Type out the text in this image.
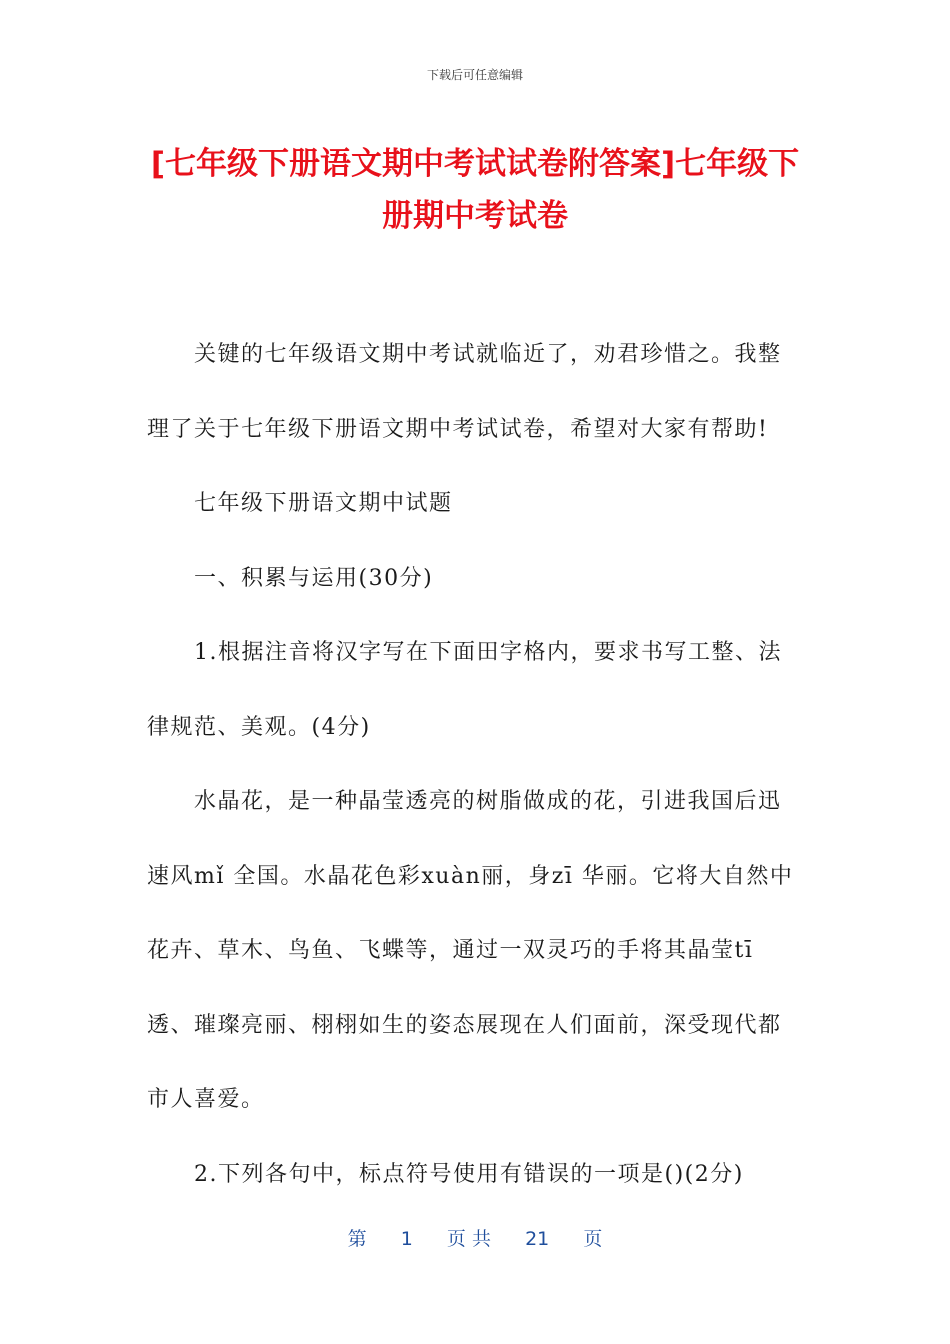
下载后可任意编辑
[七年级下册语文期中考试试卷附答案]七年级下册期中考试卷

关键的七年级语文期中考试就临近了，劝君珍惜之。我整理了关于七年级下册语文期中考试试卷，希望对大家有帮助!

七年级下册语文期中试题

一、积累与运用(30分)

1.根据注音将汉字写在下面田字格内，要求书写工整、法律规范、美观。(4分)

水晶花，是一种晶莹透亮的树脂做成的花，引进我国后迅速风mǐ 全国。水晶花色彩xuàn丽，身zī 华丽。它将大自然中花卉、草木、鸟鱼、飞蝶等，通过一双灵巧的手将其晶莹tī 透、璀璨亮丽、栩栩如生的姿态展现在人们面前，深受现代都市人喜爱。

2.下列各句中，标点符号使用有错误的一项是()(2分)

第 1 页 共 21 页
